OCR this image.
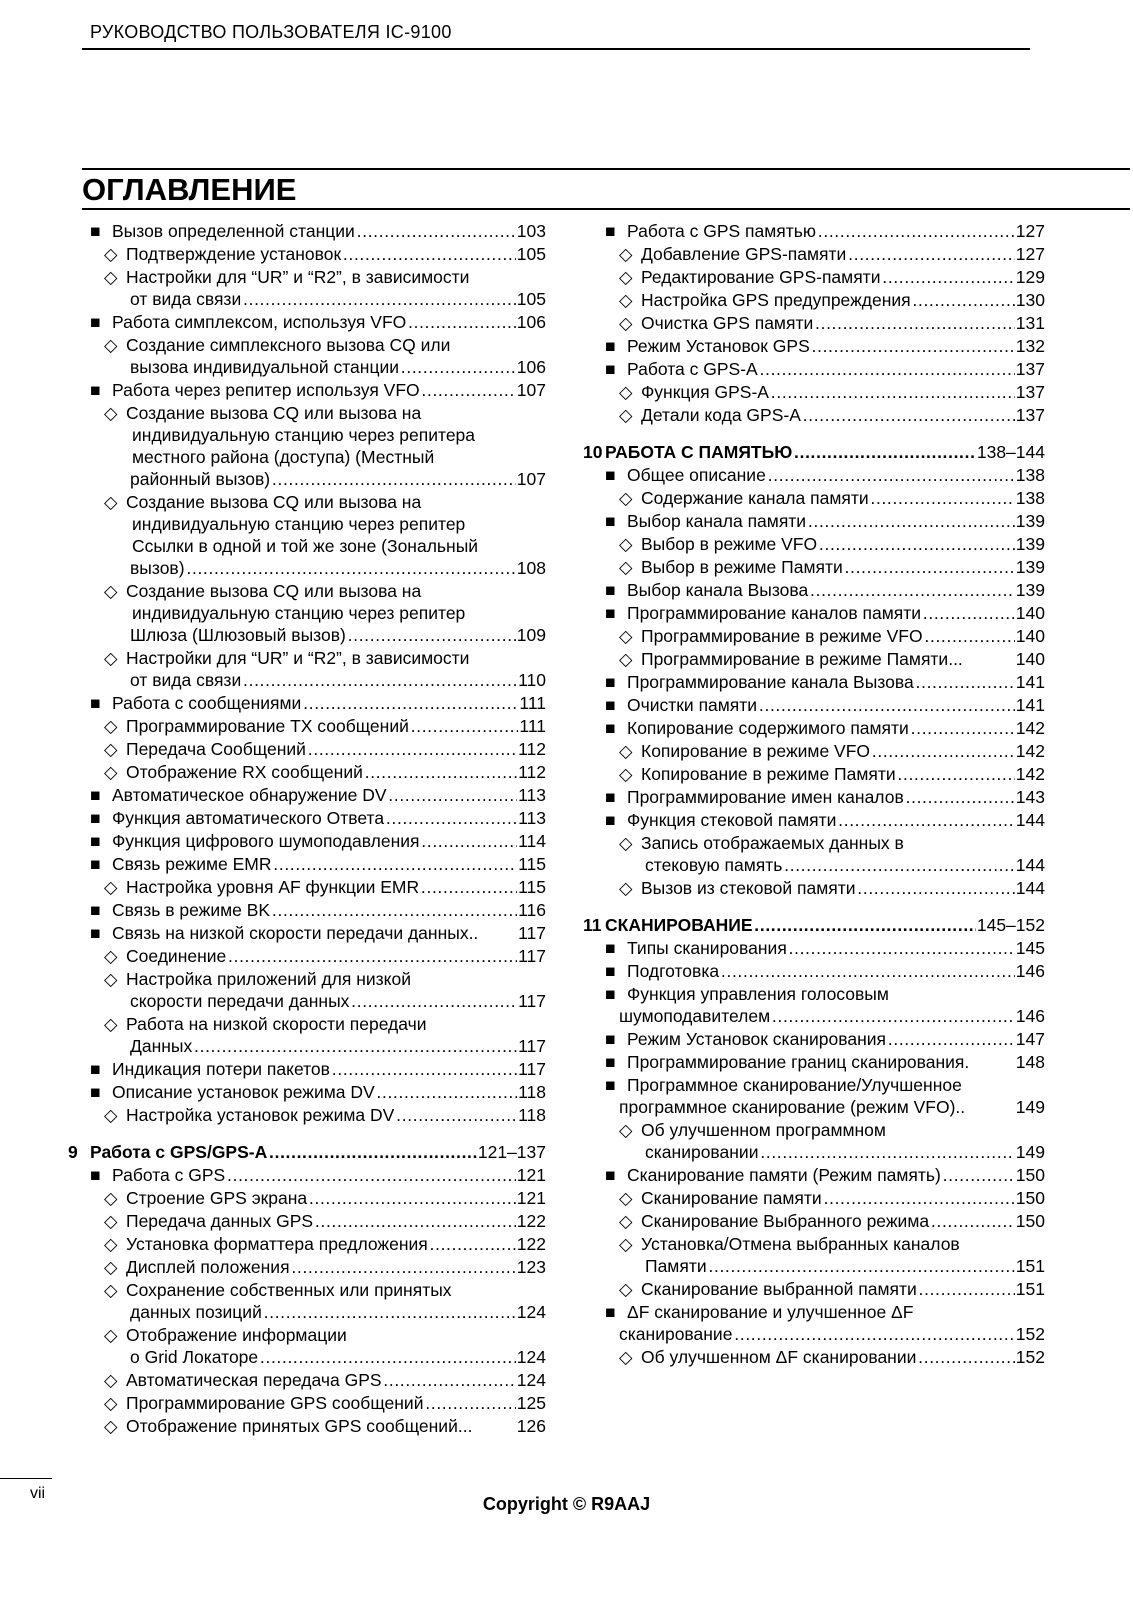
РУКОВОДСТВО ПОЛЬЗОВАТЕЛЯ IC-9100
ОГЛАВЛЕНИЕ
■ Вызов определенной станции ………………………………………………………………………………………………………………………………	103
◇ Подтверждение установок ………………………………………………………………………………………………………………………………	105
◇ Настройки для “UR” и “R2”, в зависимости
от вида связи ………………………………………………………………………………………………………………………………	105
■ Работа симплексом, используя VFO ………………………………………………………………………………………………………………………………	106
◇ Создание симплексного вызова CQ или
вызова индивидуальной станции ………………………………………………………………………………………………………………………………	106
■ Работа через репитер используя VFO ………………………………………………………………………………………………………………………………	107
◇ Создание вызова CQ или вызова на
индивидуальную станцию через репитера
местного района (доступа) (Местный
районный вызов) ………………………………………………………………………………………………………………………………	107
◇ Создание вызова CQ или вызова на
индивидуальную станцию через репитер
Ссылки в одной и той же зоне (Зональный
вызов) ………………………………………………………………………………………………………………………………	108
◇ Создание вызова CQ или вызова на
индивидуальную станцию через репитер
Шлюза (Шлюзовый вызов) ………………………………………………………………………………………………………………………………	109
◇ Настройки для “UR” и “R2”, в зависимости
от вида связи ………………………………………………………………………………………………………………………………	110
■ Работа с сообщениями ………………………………………………………………………………………………………………………………	111
◇ Программирование TX сообщений ………………………………………………………………………………………………………………………………	111
◇ Передача Сообщений ………………………………………………………………………………………………………………………………	112
◇ Отображение RX сообщений ………………………………………………………………………………………………………………………………	112
■ Автоматическое обнаружение DV ………………………………………………………………………………………………………………………………	113
■ Функция автоматического Ответа ………………………………………………………………………………………………………………………………	113
■ Функция цифрового шумоподавления ………………………………………………………………………………………………………………………………	114
■ Связь режиме EMR ………………………………………………………………………………………………………………………………	115
◇ Настройка уровня AF функции EMR ………………………………………………………………………………………………………………………………	115
■ Связь в режиме BK ………………………………………………………………………………………………………………………………	116
■ Связь на низкой скорости передачи данных.. 117
◇ Соединение ………………………………………………………………………………………………………………………………	117
◇ Настройка приложений для низкой
скорости передачи данных ………………………………………………………………………………………………………………………………	117
◇ Работа на низкой скорости передачи
Данных ………………………………………………………………………………………………………………………………	117
■ Индикация потери пакетов ………………………………………………………………………………………………………………………………	117
■ Описание установок режима DV ………………………………………………………………………………………………………………………………	118
◇ Настройка установок режима DV ………………………………………………………………………………………………………………………………	118
9 Работа с GPS/GPS-A ………………………………………………………………………………………………………………………………	121–137
■ Работа с GPS ………………………………………………………………………………………………………………………………	121
◇ Строение GPS экрана ………………………………………………………………………………………………………………………………	121
◇ Передача данных GPS ………………………………………………………………………………………………………………………………	122
◇ Установка форматтера предложения ………………………………………………………………………………………………………………………………	122
◇ Дисплей положения ………………………………………………………………………………………………………………………………	123
◇ Сохранение собственных или принятых
данных позиций ………………………………………………………………………………………………………………………………	124
◇ Отображение информации
о Grid Локаторе ………………………………………………………………………………………………………………………………	124
◇ Автоматическая передача GPS ………………………………………………………………………………………………………………………………	124
◇ Программирование GPS сообщений ………………………………………………………………………………………………………………………………	125
◇ Отображение принятых GPS сообщений...	126
■ Работа с GPS памятью ………………………………………………………………………………………………………………………………	127
◇ Добавление GPS-памяти ………………………………………………………………………………………………………………………………	127
◇ Редактирование GPS-памяти ………………………………………………………………………………………………………………………………	129
◇ Настройка GPS предупреждения ………………………………………………………………………………………………………………………………	130
◇ Очистка GPS памяти ………………………………………………………………………………………………………………………………	131
■ Режим Установок GPS ………………………………………………………………………………………………………………………………	132
■ Работа с GPS-A ………………………………………………………………………………………………………………………………	137
◇ Функция GPS-A ………………………………………………………………………………………………………………………………	137
◇ Детали кода GPS-A ………………………………………………………………………………………………………………………………	137
10 РАБОТА С ПАМЯТЬЮ ………………………………………………………………………………………………………………………………	138–144
■ Общее описание ………………………………………………………………………………………………………………………………	138
◇ Содержание канала памяти ………………………………………………………………………………………………………………………………	138
■ Выбор канала памяти ………………………………………………………………………………………………………………………………	139
◇ Выбор в режиме VFO ………………………………………………………………………………………………………………………………	139
◇ Выбор в режиме Памяти ………………………………………………………………………………………………………………………………	139
■ Выбор канала Вызова ………………………………………………………………………………………………………………………………	139
■ Программирование каналов памяти ………………………………………………………………………………………………………………………………	140
◇ Программирование в режиме VFO ………………………………………………………………………………………………………………………………	140
◇ Программирование в режиме Памяти...	140
■ Программирование канала Вызова ………………………………………………………………………………………………………………………………	141
■ Очистки памяти ………………………………………………………………………………………………………………………………	141
■ Копирование содержимого памяти ………………………………………………………………………………………………………………………………	142
◇ Копирование в режиме VFO ………………………………………………………………………………………………………………………………	142
◇ Копирование в режиме Памяти ………………………………………………………………………………………………………………………………	142
■ Программирование имен каналов ………………………………………………………………………………………………………………………………	143
■ Функция стековой памяти ………………………………………………………………………………………………………………………………	144
◇ Запись отображаемых данных в
стековую память ………………………………………………………………………………………………………………………………	144
◇ Вызов из стековой памяти ………………………………………………………………………………………………………………………………	144
11 СКАНИРОВАНИЕ ………………………………………………………………………………………………………………………………	145–152
■ Типы сканирования ………………………………………………………………………………………………………………………………	145
■ Подготовка ………………………………………………………………………………………………………………………………	146
■ Функция управления голосовым
шумоподавителем ………………………………………………………………………………………………………………………………	146
■ Режим Установок сканирования ………………………………………………………………………………………………………………………………	147
■ Программирование границ сканирования.	148
■ Программное сканирование/Улучшенное
программное сканирование (режим VFO)..	149
◇ Об улучшенном программном
сканировании ………………………………………………………………………………………………………………………………	149
■ Сканирование памяти (Режим память) ………………………………………………………………………………………………………………………………	150
◇ Сканирование памяти ………………………………………………………………………………………………………………………………	150
◇ Сканирование Выбранного режима ………………………………………………………………………………………………………………………………	150
◇ Установка/Отмена выбранных каналов
Памяти ………………………………………………………………………………………………………………………………	151
◇ Сканирование выбранной памяти ………………………………………………………………………………………………………………………………	151
■ ΔF сканирование и улучшенное ΔF
сканирование ………………………………………………………………………………………………………………………………	152
◇ Об улучшенном ΔF сканировании ………………………………………………………………………………………………………………………………	152
vii
Copyright © R9AAJ
